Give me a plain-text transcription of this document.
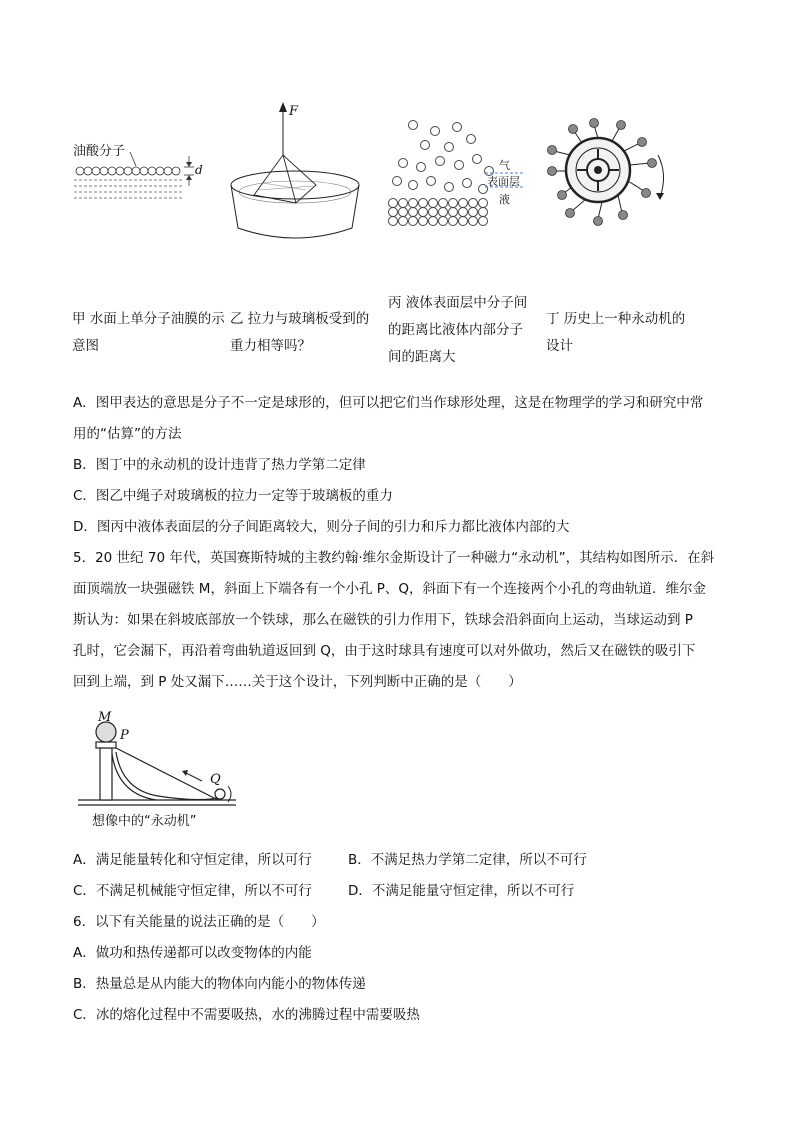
油酸分子
d
F
气
表面层
液
甲 水面上单分子油膜的示意图
乙 拉力与玻璃板受到的重力相等吗？
丙 液体表面层中分子间的距离比液体内部分子间的距离大
丁 历史上一种永动机的设计
A．图甲表达的意思是分子不一定是球形的，但可以把它们当作球形处理，这是在物理学的学习和研究中常
用的“估算”的方法
B．图丁中的永动机的设计违背了热力学第二定律
C．图乙中绳子对玻璃板的拉力一定等于玻璃板的重力
D．图丙中液体表面层的分子间距离较大，则分子间的引力和斥力都比液体内部的大
5．20 世纪 70 年代，英国赛斯特城的主教约翰·维尔金斯设计了一种磁力“永动机”，其结构如图所示．在斜
面顶端放一块强磁铁 M，斜面上下端各有一个小孔 P、Q，斜面下有一个连接两个小孔的弯曲轨道．维尔金
斯认为：如果在斜坡底部放一个铁球，那么在磁铁的引力作用下，铁球会沿斜面向上运动，当球运动到 P
孔时，它会漏下，再沿着弯曲轨道返回到 Q，由于这时球具有速度可以对外做功，然后又在磁铁的吸引下
回到上端，到 P 处又漏下……关于这个设计，下列判断中正确的是（　　）
M
P
Q
想像中的“永动机”
A．满足能量转化和守恒定律，所以可行	B．不满足热力学第二定律，所以不可行
C．不满足机械能守恒定律，所以不可行	D．不满足能量守恒定律，所以不可行
6．以下有关能量的说法正确的是（　　）
A．做功和热传递都可以改变物体的内能
B．热量总是从内能大的物体向内能小的物体传递
C．冰的熔化过程中不需要吸热，水的沸腾过程中需要吸热
